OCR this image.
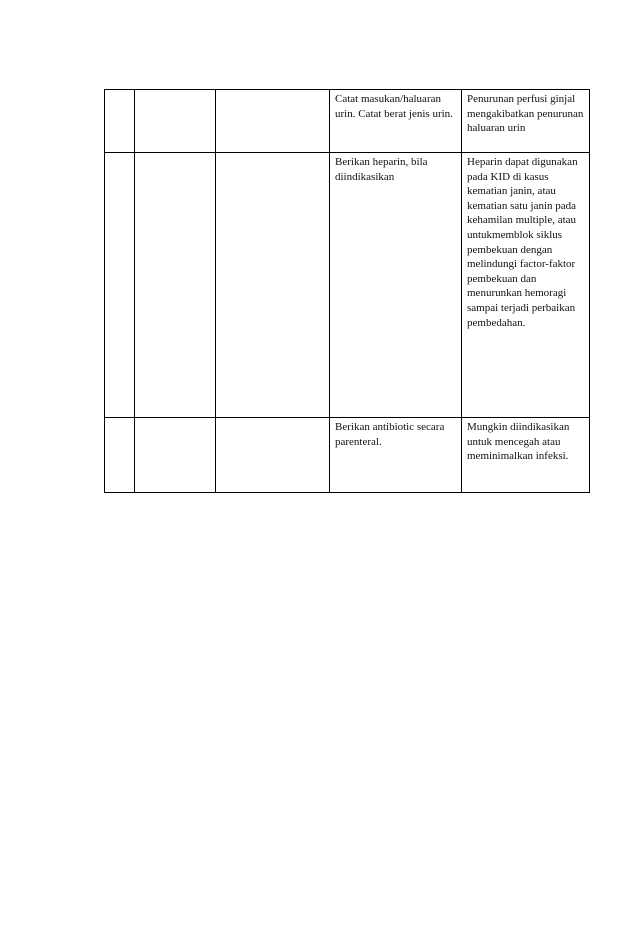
			Catat masukan/haluaran urin. Catat berat jenis urin.	Penurunan perfusi ginjal mengakibatkan penurunan haluaran urin

			Berikan heparin, bila diindikasikan	Heparin dapat digunakan pada KID di kasus kematian janin, atau kematian satu janin pada kehamilan multiple, atau untukmemblok siklus pembekuan dengan melindungi factor-faktor pembekuan dan menurunkan hemoragi sampai terjadi perbaikan pembedahan.

			Berikan antibiotic secara parenteral.	Mungkin diindikasikan untuk mencegah atau meminimalkan infeksi.
